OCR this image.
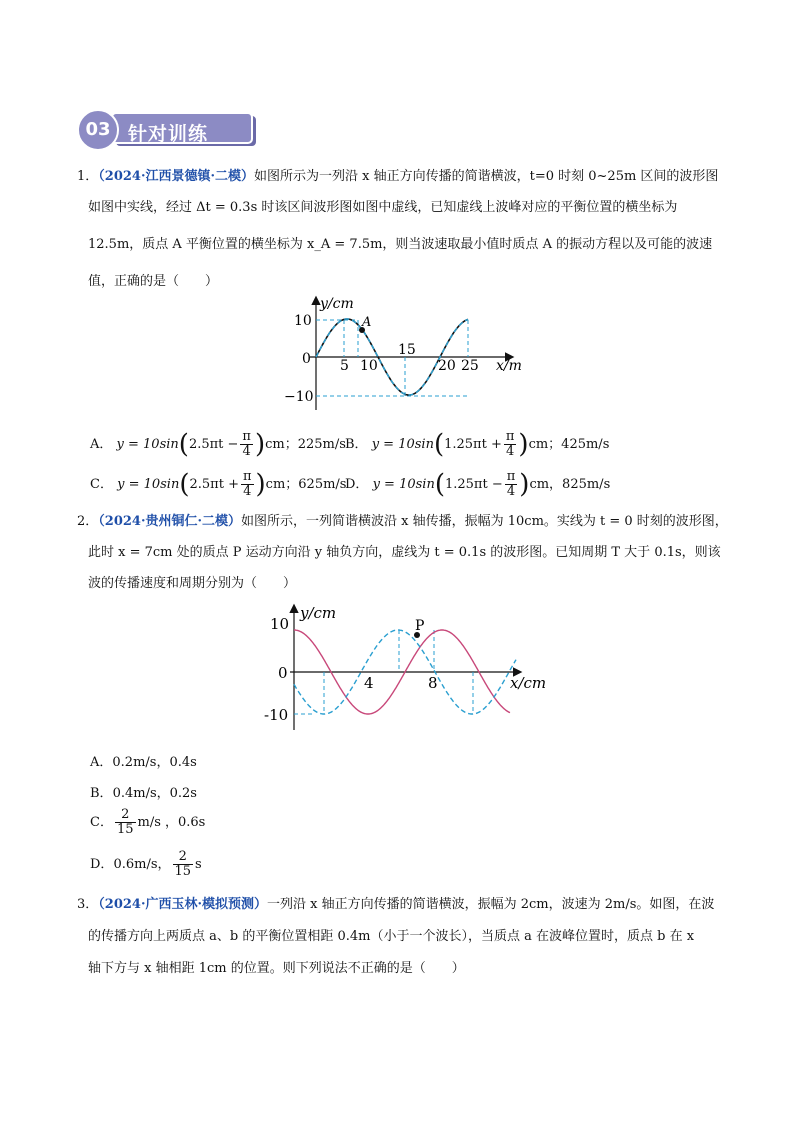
03 针对训练
1．（2024·江西景德镇·二模）如图所示为一列沿 x 轴正方向传播的简谐横波，t=0 时刻 0~25m 区间的波形图
如图中实线，经过 Δt = 0.3s 时该区间波形图如图中虚线，已知虚线上波峰对应的平衡位置的横坐标为
12.5m，质点 A 平衡位置的横坐标为 x_A = 7.5m，则当波速取最小值时质点 A 的振动方程以及可能的波速
值，正确的是（　　）
A
y/cm
x/m
10
0
−10
5 10
15
20 25
A． $y = 10\sin(2.5\pi t - \frac{\pi}{4} )cm$；225m/s B． $y = 10\sin(1.25\pi t + \frac{\pi}{4} )cm$；425m/s
C． $y = 10\sin(2.5\pi t + \frac{\pi}{4} )cm$；625m/s
D． $y = 10\sin(1.25\pi t - \frac{\pi}{4} )cm$，825m/s
2．（2024·贵州铜仁·二模）如图所示，一列简谐横波沿 x 轴传播，振幅为 10cm。实线为 t = 0 时刻的波形图，
此时 x = 7cm 处的质点 P 运动方向沿 y 轴负方向，虚线为 t = 0.1s 的波形图。已知周期 T 大于 0.1s，则该
波的传播速度和周期分别为（　　）
P
y/cm
x/cm
10
0
-10
4	8
A．0.2m/s，0.4s
B．0.4m/s，0.2s
C． $\frac{2}{15} m/s$ ，0.6s
D．0.6m/s， $\frac{2}{15}$ s
3．（2024·广西玉林·模拟预测）一列沿 x 轴正方向传播的简谐横波，振幅为 2cm，波速为 2m/s。如图，在波
的传播方向上两质点 a、b 的平衡位置相距 0.4m（小于一个波长），当质点 a 在波峰位置时，质点 b 在 x
轴下方与 x 轴相距 1cm 的位置。则下列说法不正确的是（　　）
